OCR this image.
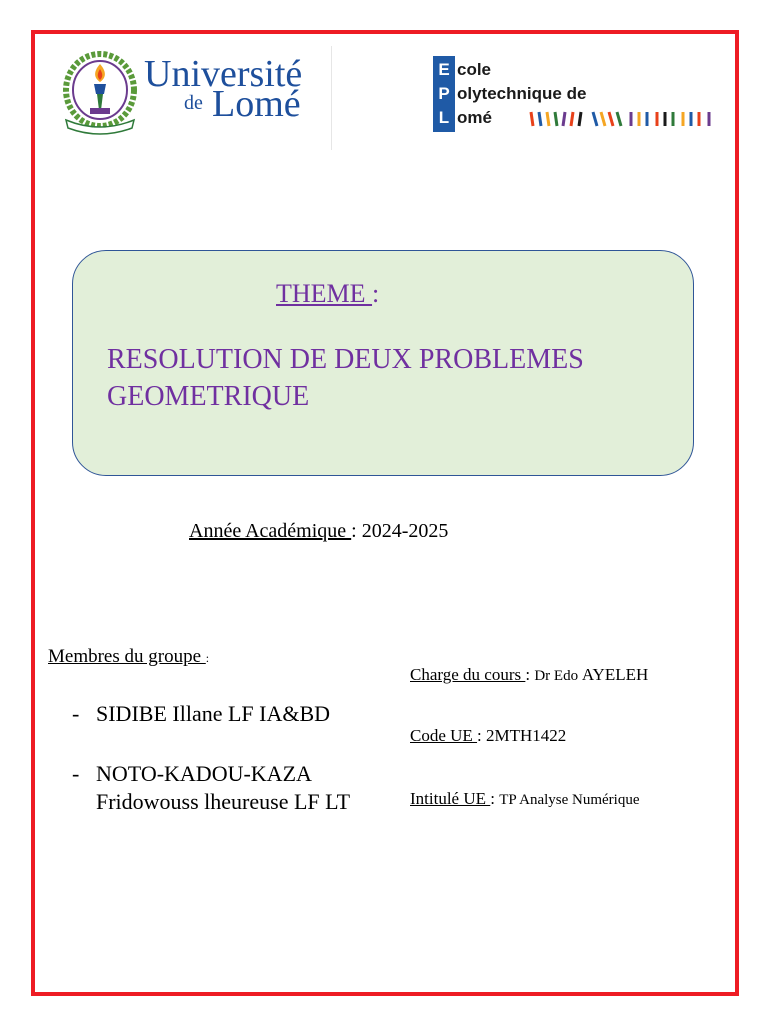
Université
de Lomé
E
P
L
cole
olytechnique de
omé
THEME :
RESOLUTION DE DEUX PROBLEMES
GEOMETRIQUE
Année Académique : 2024-2025
Membres du groupe :
- SIDIBE Illane LF IA&BD
- NOTO-KADOU-KAZA
Fridowouss lheureuse LF LT
Charge du cours : Dr Edo AYELEH
Code UE : 2MTH1422
Intitulé UE : TP Analyse Numérique
